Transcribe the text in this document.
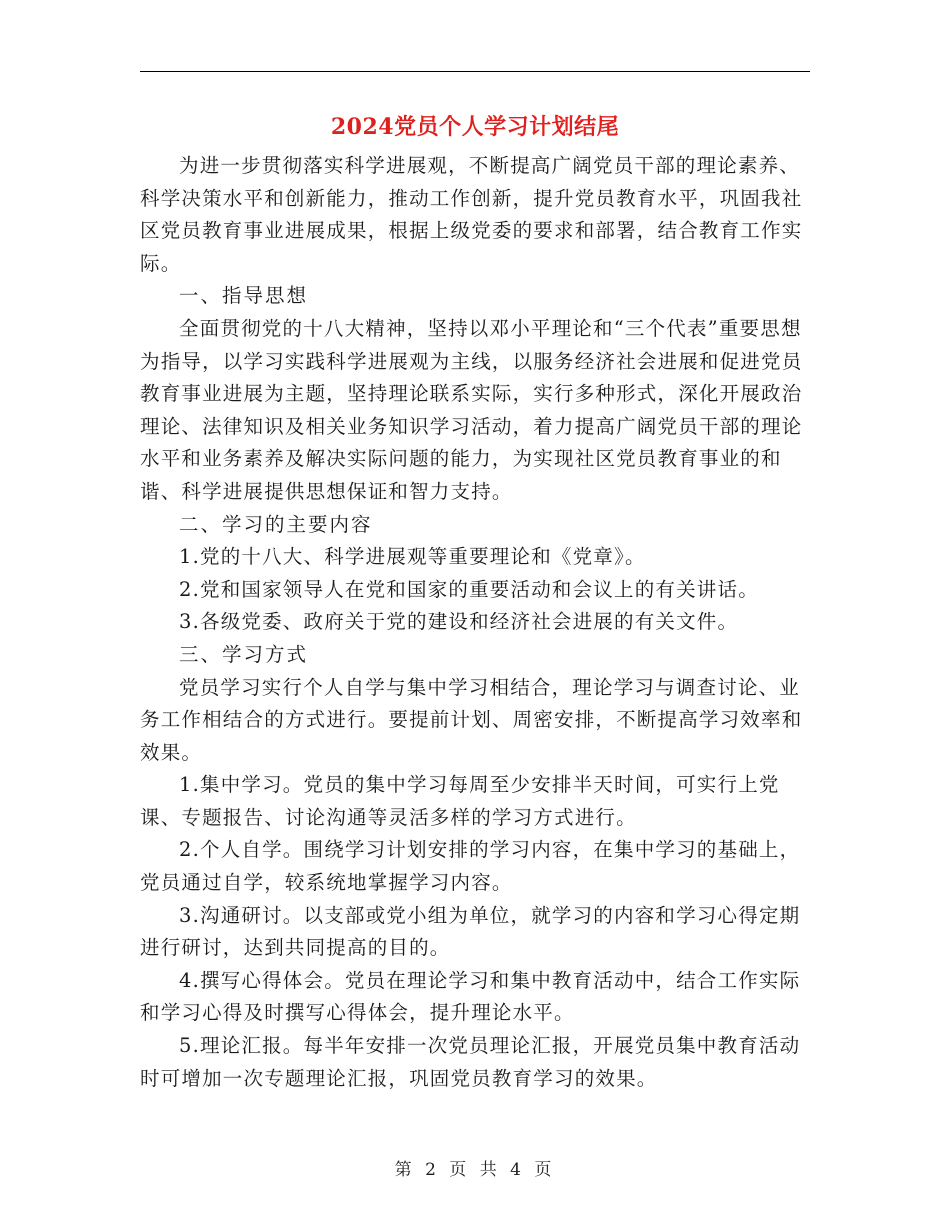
2024党员个人学习计划结尾

为进一步贯彻落实科学进展观，不断提高广阔党员干部的理论素养、科学决策水平和创新能力，推动工作创新，提升党员教育水平，巩固我社区党员教育事业进展成果，根据上级党委的要求和部署，结合教育工作实际。

一、指导思想

全面贯彻党的十八大精神，坚持以邓小平理论和“三个代表”重要思想为指导，以学习实践科学进展观为主线，以服务经济社会进展和促进党员教育事业进展为主题，坚持理论联系实际，实行多种形式，深化开展政治理论、法律知识及相关业务知识学习活动，着力提高广阔党员干部的理论水平和业务素养及解决实际问题的能力，为实现社区党员教育事业的和谐、科学进展提供思想保证和智力支持。

二、学习的主要内容

1.党的十八大、科学进展观等重要理论和《党章》。

2.党和国家领导人在党和国家的重要活动和会议上的有关讲话。

3.各级党委、政府关于党的建设和经济社会进展的有关文件。

三、学习方式

党员学习实行个人自学与集中学习相结合，理论学习与调查讨论、业务工作相结合的方式进行。要提前计划、周密安排，不断提高学习效率和效果。

1.集中学习。党员的集中学习每周至少安排半天时间，可实行上党课、专题报告、讨论沟通等灵活多样的学习方式进行。

2.个人自学。围绕学习计划安排的学习内容，在集中学习的基础上，党员通过自学，较系统地掌握学习内容。

3.沟通研讨。以支部或党小组为单位，就学习的内容和学习心得定期进行研讨，达到共同提高的目的。

4.撰写心得体会。党员在理论学习和集中教育活动中，结合工作实际和学习心得及时撰写心得体会，提升理论水平。

5.理论汇报。每半年安排一次党员理论汇报，开展党员集中教育活动时可增加一次专题理论汇报，巩固党员教育学习的效果。

第 2 页 共 4 页
